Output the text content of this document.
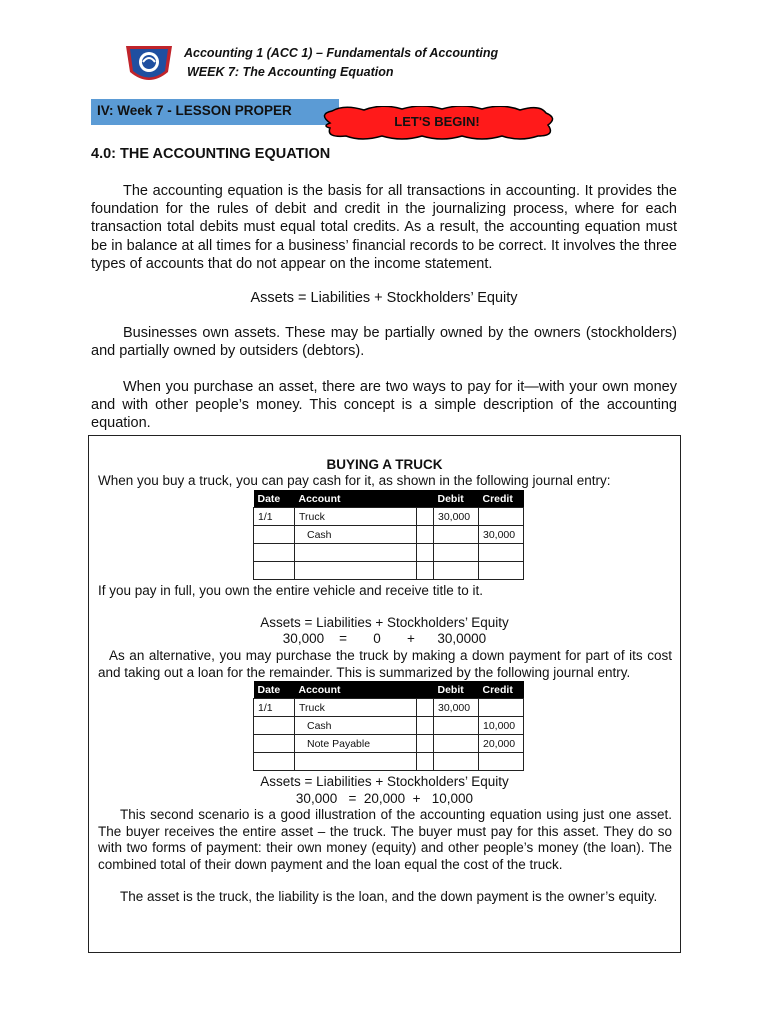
Accounting 1 (ACC 1) – Fundamentals of Accounting
WEEK 7: The Accounting Equation
IV: Week 7 - LESSON PROPER
LET'S BEGIN!
4.0: THE ACCOUNTING EQUATION
The accounting equation is the basis for all transactions in accounting. It provides the foundation for the rules of debit and credit in the journalizing process, where for each transaction total debits must equal total credits. As a result, the accounting equation must be in balance at all times for a business’ financial records to be correct. It involves the three types of accounts that do not appear on the income statement.
Assets = Liabilities + Stockholders’ Equity
Businesses own assets. These may be partially owned by the owners (stockholders) and partially owned by outsiders (debtors).
When you purchase an asset, there are two ways to pay for it—with your own money and with other people’s money. This concept is a simple description of the accounting equation.
BUYING A TRUCK
When you buy a truck, you can pay cash for it, as shown in the following journal entry:
Date	Account		Debit	Credit
1/1	Truck		30,000	
	Cash			30,000

If you pay in full, you own the entire vehicle and receive title to it.
Assets = Liabilities + Stockholders’ Equity
30,000    =       0       +      30,0000
As an alternative, you may purchase the truck by making a down payment for part of its cost and taking out a loan for the remainder. This is summarized by the following journal entry.
Date	Account		Debit	Credit
1/1	Truck		30,000	
	Cash			10,000
	Note Payable			20,000

Assets = Liabilities + Stockholders’ Equity
30,000   =  20,000  +   10,000
This second scenario is a good illustration of the accounting equation using just one asset. The buyer receives the entire asset – the truck. The buyer must pay for this asset. They do so with two forms of payment: their own money (equity) and other people’s money (the loan). The combined total of their down payment and the loan equal the cost of the truck.
The asset is the truck, the liability is the loan, and the down payment is the owner’s equity.
